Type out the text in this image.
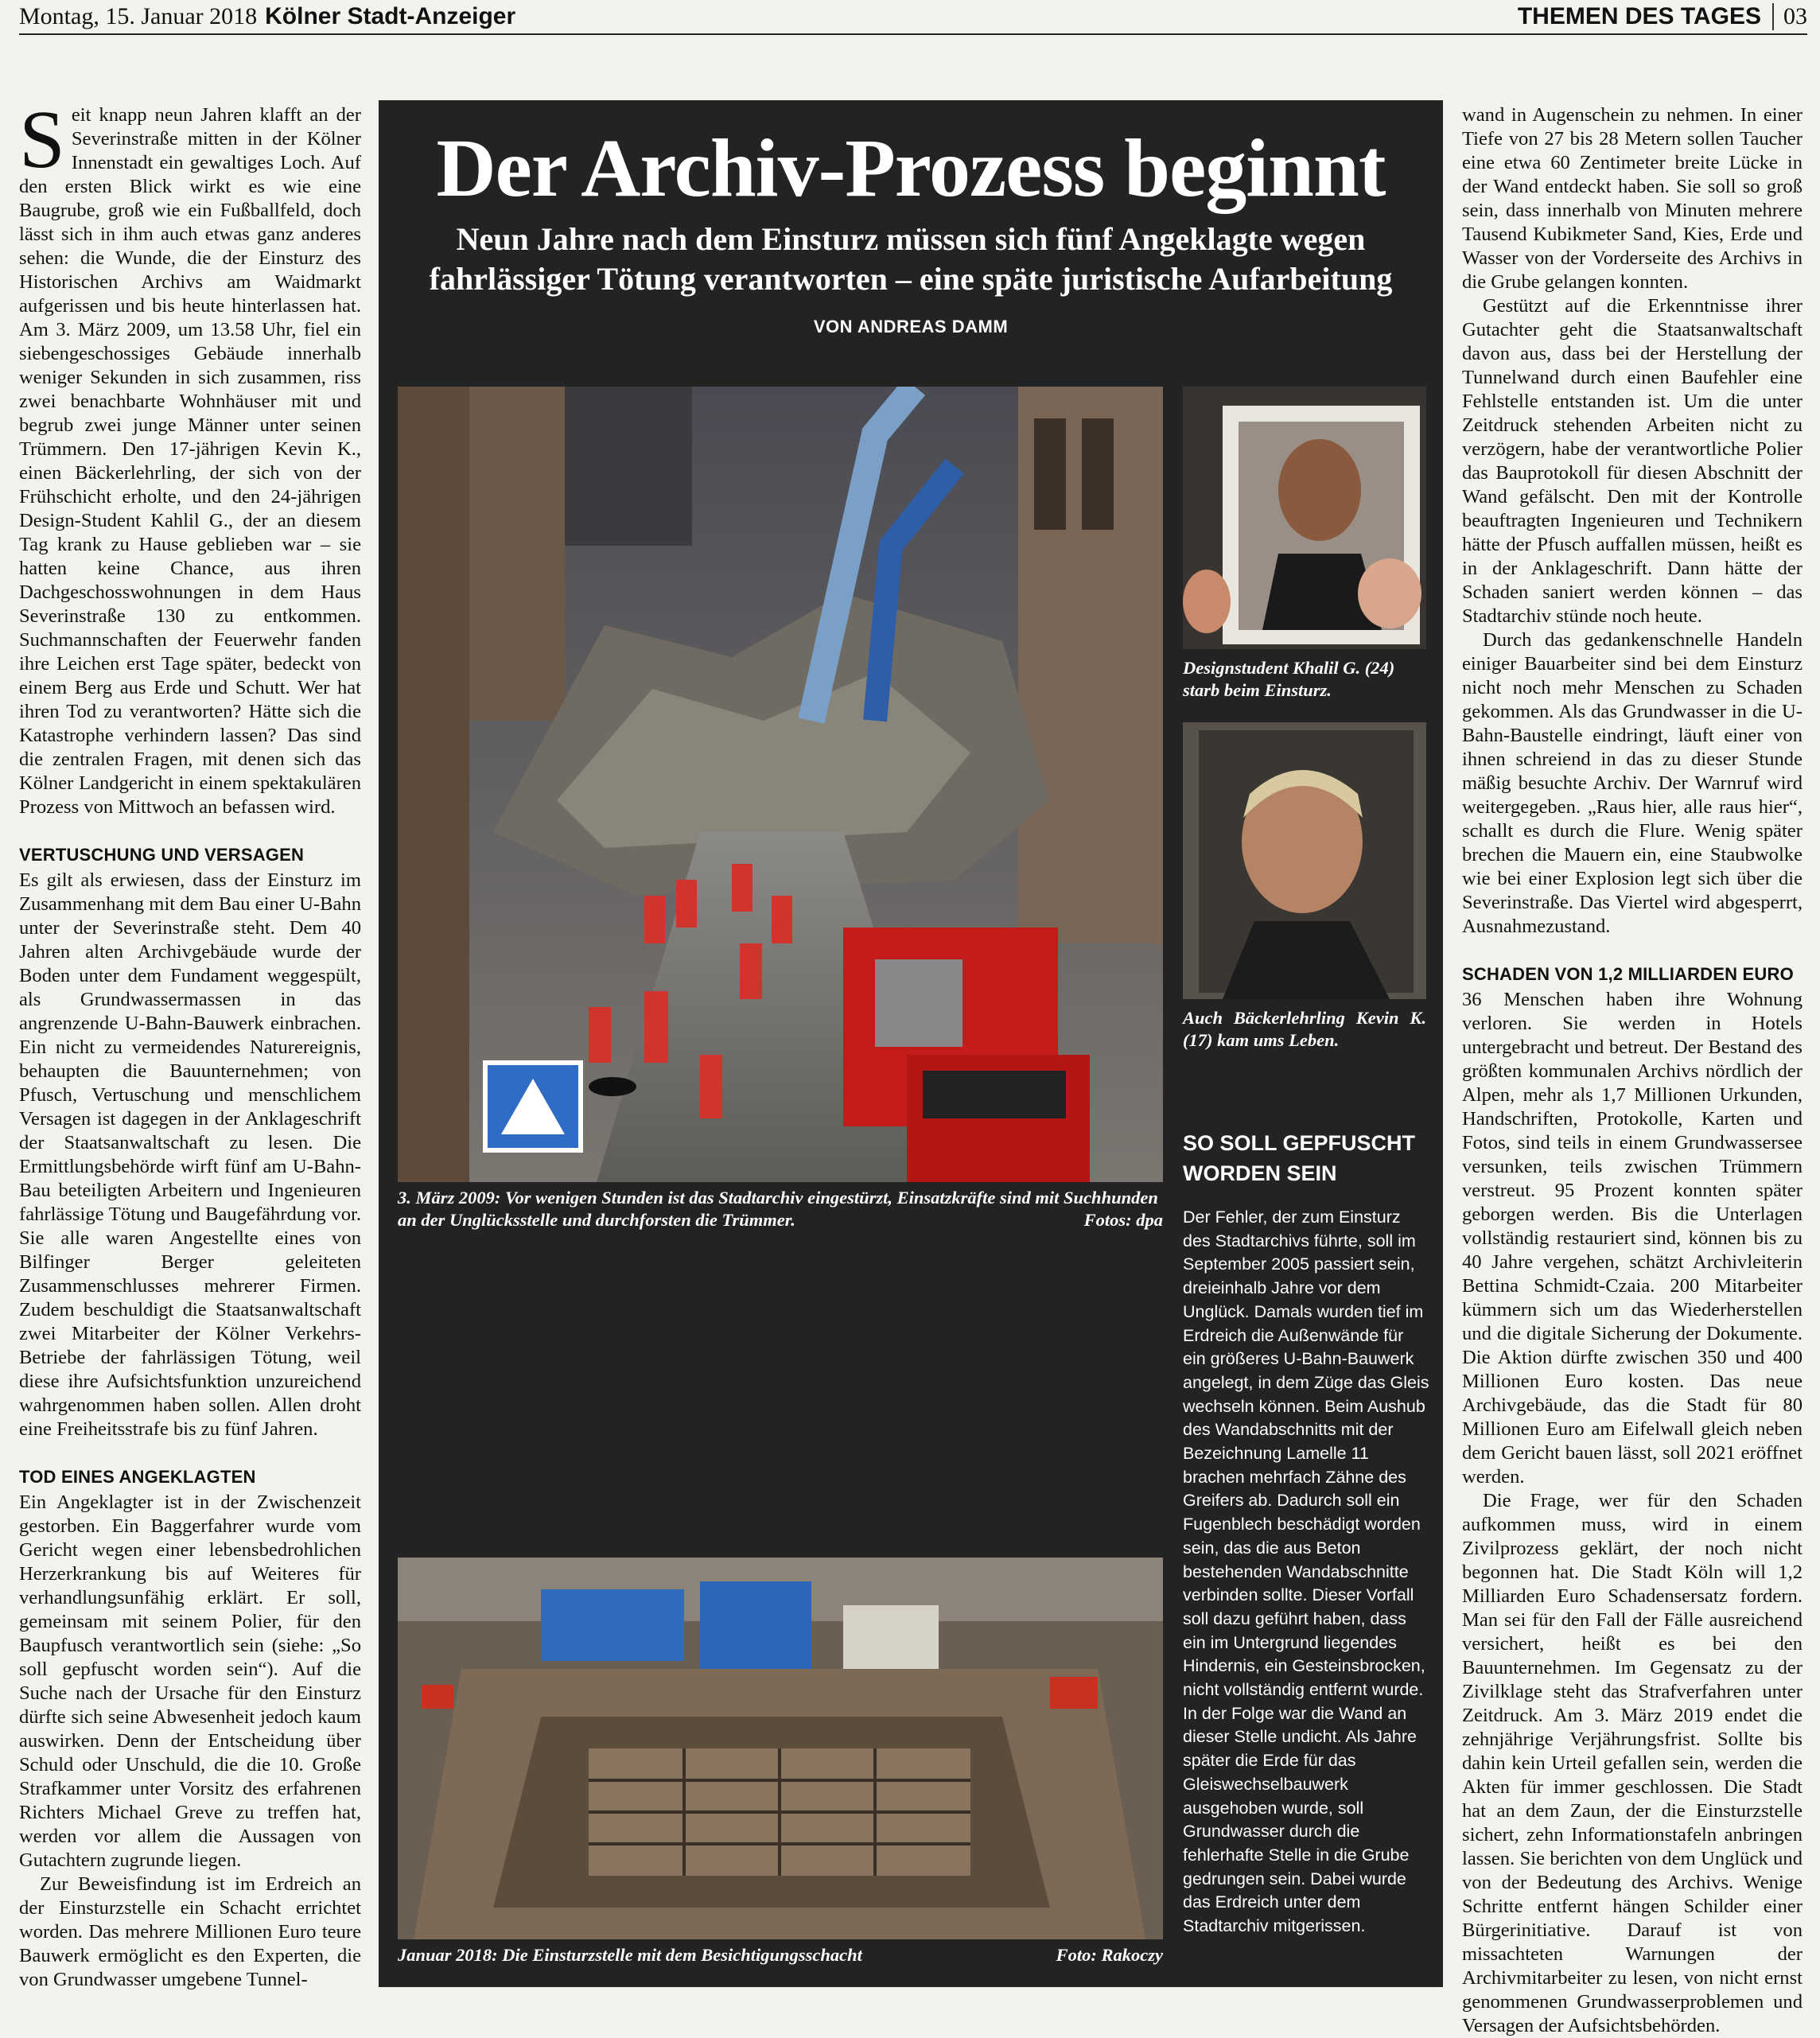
Montag, 15. Januar 2018 Kölner Stadt-Anzeiger	THEMEN DES TAGES 03

Seit knapp neun Jahren klafft an der Severinstraße mitten in der Kölner Innenstadt ein gewaltiges Loch. Auf den ersten Blick wirkt es wie eine Baugrube, groß wie ein Fußballfeld, doch lässt sich in ihm auch etwas ganz anderes sehen: die Wunde, die der Einsturz des Historischen Archivs am Waidmarkt aufgerissen und bis heute hinterlassen hat. Am 3. März 2009, um 13.58 Uhr, fiel ein siebengeschossiges Gebäude innerhalb weniger Sekunden in sich zusammen, riss zwei benachbarte Wohnhäuser mit und begrub zwei junge Männer unter seinen Trümmern. Den 17-jährigen Kevin K., einen Bäckerlehrling, der sich von der Frühschicht erholte, und den 24-jährigen Design-Student Kahlil G., der an diesem Tag krank zu Hause geblieben war – sie hatten keine Chance, aus ihren Dachgeschosswohnungen in dem Haus Severinstraße 130 zu entkommen. Suchmannschaften der Feuerwehr fanden ihre Leichen erst Tage später, bedeckt von einem Berg aus Erde und Schutt. Wer hat ihren Tod zu verantworten? Hätte sich die Katastrophe verhindern lassen? Das sind die zentralen Fragen, mit denen sich das Kölner Landgericht in einem spektakulären Prozess von Mittwoch an befassen wird.

VERTUSCHUNG UND VERSAGEN

Es gilt als erwiesen, dass der Einsturz im Zusammenhang mit dem Bau einer U-Bahn unter der Severinstraße steht. Dem 40 Jahren alten Archivgebäude wurde der Boden unter dem Fundament weggespült, als Grundwassermassen in das angrenzende U-Bahn-Bauwerk einbrachen. Ein nicht zu vermeidendes Naturereignis, behaupten die Bauunternehmen; von Pfusch, Vertuschung und menschlichem Versagen ist dagegen in der Anklageschrift der Staatsanwaltschaft zu lesen. Die Ermittlungsbehörde wirft fünf am U-Bahn-Bau beteiligten Arbeitern und Ingenieuren fahrlässige Tötung und Baugefährdung vor. Sie alle waren Angestellte eines von Bilfinger Berger geleiteten Zusammenschlusses mehrerer Firmen. Zudem beschuldigt die Staatsanwaltschaft zwei Mitarbeiter der Kölner Verkehrs-Betriebe der fahrlässigen Tötung, weil diese ihre Aufsichtsfunktion unzureichend wahrgenommen haben sollen. Allen droht eine Freiheitsstrafe bis zu fünf Jahren.

TOD EINES ANGEKLAGTEN

Ein Angeklagter ist in der Zwischenzeit gestorben. Ein Baggerfahrer wurde vom Gericht wegen einer lebensbedrohlichen Herzerkrankung bis auf Weiteres für verhandlungsunfähig erklärt. Er soll, gemeinsam mit seinem Polier, für den Baupfusch verantwortlich sein (siehe: „So soll gepfuscht worden sein“). Auf die Suche nach der Ursache für den Einsturz dürfte sich seine Abwesenheit jedoch kaum auswirken. Denn der Entscheidung über Schuld oder Unschuld, die die 10. Große Strafkammer unter Vorsitz des erfahrenen Richters Michael Greve zu treffen hat, werden vor allem die Aussagen von Gutachtern zugrunde liegen.

Zur Beweisfindung ist im Erdreich an der Einsturzstelle ein Schacht errichtet worden. Das mehrere Millionen Euro teure Bauwerk ermöglicht es den Experten, die von Grundwasser umgebene Tunnel-

Der Archiv-Prozess beginnt
Neun Jahre nach dem Einsturz müssen sich fünf Angeklagte wegen fahrlässiger Tötung verantworten – eine späte juristische Aufarbeitung
VON ANDREAS DAMM
3. März 2009: Vor wenigen Stunden ist das Stadtarchiv eingestürzt, Einsatzkräfte sind mit Suchhunden an der Unglücksstelle und durchforsten die Trümmer.	Fotos: dpa
Designstudent Khalil G. (24) starb beim Einsturz.
Auch Bäckerlehrling Kevin K. (17) kam ums Leben.
SO SOLL GEPFUSCHT WORDEN SEIN
Der Fehler, der zum Einsturz des Stadtarchivs führte, soll im September 2005 passiert sein, dreieinhalb Jahre vor dem Unglück. Damals wurden tief im Erdreich die Außenwände für ein größeres U-Bahn-Bauwerk angelegt, in dem Züge das Gleis wechseln können. Beim Aushub des Wandabschnitts mit der Bezeichnung Lamelle 11 brachen mehrfach Zähne des Greifers ab. Dadurch soll ein Fugenblech beschädigt worden sein, das die aus Beton bestehenden Wandabschnitte verbinden sollte. Dieser Vorfall soll dazu geführt haben, dass ein im Untergrund liegendes Hindernis, ein Gesteinsbrocken, nicht vollständig entfernt wurde. In der Folge war die Wand an dieser Stelle undicht. Als Jahre später die Erde für das Gleiswechselbauwerk ausgehoben wurde, soll Grundwasser durch die fehlerhafte Stelle in die Grube gedrungen sein. Dabei wurde das Erdreich unter dem Stadtarchiv mitgerissen.
Januar 2018: Die Einsturzstelle mit dem Besichtigungsschacht	Foto: Rakoczy

wand in Augenschein zu nehmen. In einer Tiefe von 27 bis 28 Metern sollen Taucher eine etwa 60 Zentimeter breite Lücke in der Wand entdeckt haben. Sie soll so groß sein, dass innerhalb von Minuten mehrere Tausend Kubikmeter Sand, Kies, Erde und Wasser von der Vorderseite des Archivs in die Grube gelangen konnten.

Gestützt auf die Erkenntnisse ihrer Gutachter geht die Staatsanwaltschaft davon aus, dass bei der Herstellung der Tunnelwand durch einen Baufehler eine Fehlstelle entstanden ist. Um die unter Zeitdruck stehenden Arbeiten nicht zu verzögern, habe der verantwortliche Polier das Bauprotokoll für diesen Abschnitt der Wand gefälscht. Den mit der Kontrolle beauftragten Ingenieuren und Technikern hätte der Pfusch auffallen müssen, heißt es in der Anklageschrift. Dann hätte der Schaden saniert werden können – das Stadtarchiv stünde noch heute.

Durch das gedankenschnelle Handeln einiger Bauarbeiter sind bei dem Einsturz nicht noch mehr Menschen zu Schaden gekommen. Als das Grundwasser in die U-Bahn-Baustelle eindringt, läuft einer von ihnen schreiend in das zu dieser Stunde mäßig besuchte Archiv. Der Warnruf wird weitergegeben. „Raus hier, alle raus hier“, schallt es durch die Flure. Wenig später brechen die Mauern ein, eine Staubwolke wie bei einer Explosion legt sich über die Severinstraße. Das Viertel wird abgesperrt, Ausnahmezustand.

SCHADEN VON 1,2 MILLIARDEN EURO

36 Menschen haben ihre Wohnung verloren. Sie werden in Hotels untergebracht und betreut. Der Bestand des größten kommunalen Archivs nördlich der Alpen, mehr als 1,7 Millionen Urkunden, Handschriften, Protokolle, Karten und Fotos, sind teils in einem Grundwassersee versunken, teils zwischen Trümmern verstreut. 95 Prozent konnten später geborgen werden. Bis die Unterlagen vollständig restauriert sind, können bis zu 40 Jahre vergehen, schätzt Archivleiterin Bettina Schmidt-Czaia. 200 Mitarbeiter kümmern sich um das Wiederherstellen und die digitale Sicherung der Dokumente. Die Aktion dürfte zwischen 350 und 400 Millionen Euro kosten. Das neue Archivgebäude, das die Stadt für 80 Millionen Euro am Eifelwall gleich neben dem Gericht bauen lässt, soll 2021 eröffnet werden.

Die Frage, wer für den Schaden aufkommen muss, wird in einem Zivilprozess geklärt, der noch nicht begonnen hat. Die Stadt Köln will 1,2 Milliarden Euro Schadensersatz fordern. Man sei für den Fall der Fälle ausreichend versichert, heißt es bei den Bauunternehmen. Im Gegensatz zu der Zivilklage steht das Strafverfahren unter Zeitdruck. Am 3. März 2019 endet die zehnjährige Verjährungsfrist. Sollte bis dahin kein Urteil gefallen sein, werden die Akten für immer geschlossen. Die Stadt hat an dem Zaun, der die Einsturzstelle sichert, zehn Informationstafeln anbringen lassen. Sie berichten von dem Unglück und von der Bedeutung des Archivs. Wenige Schritte entfernt hängen Schilder einer Bürgerinitiative. Darauf ist von missachteten Warnungen der Archivmitarbeiter zu lesen, von nicht ernst genommenen Grundwasserproblemen und Versagen der Aufsichtsbehörden.
